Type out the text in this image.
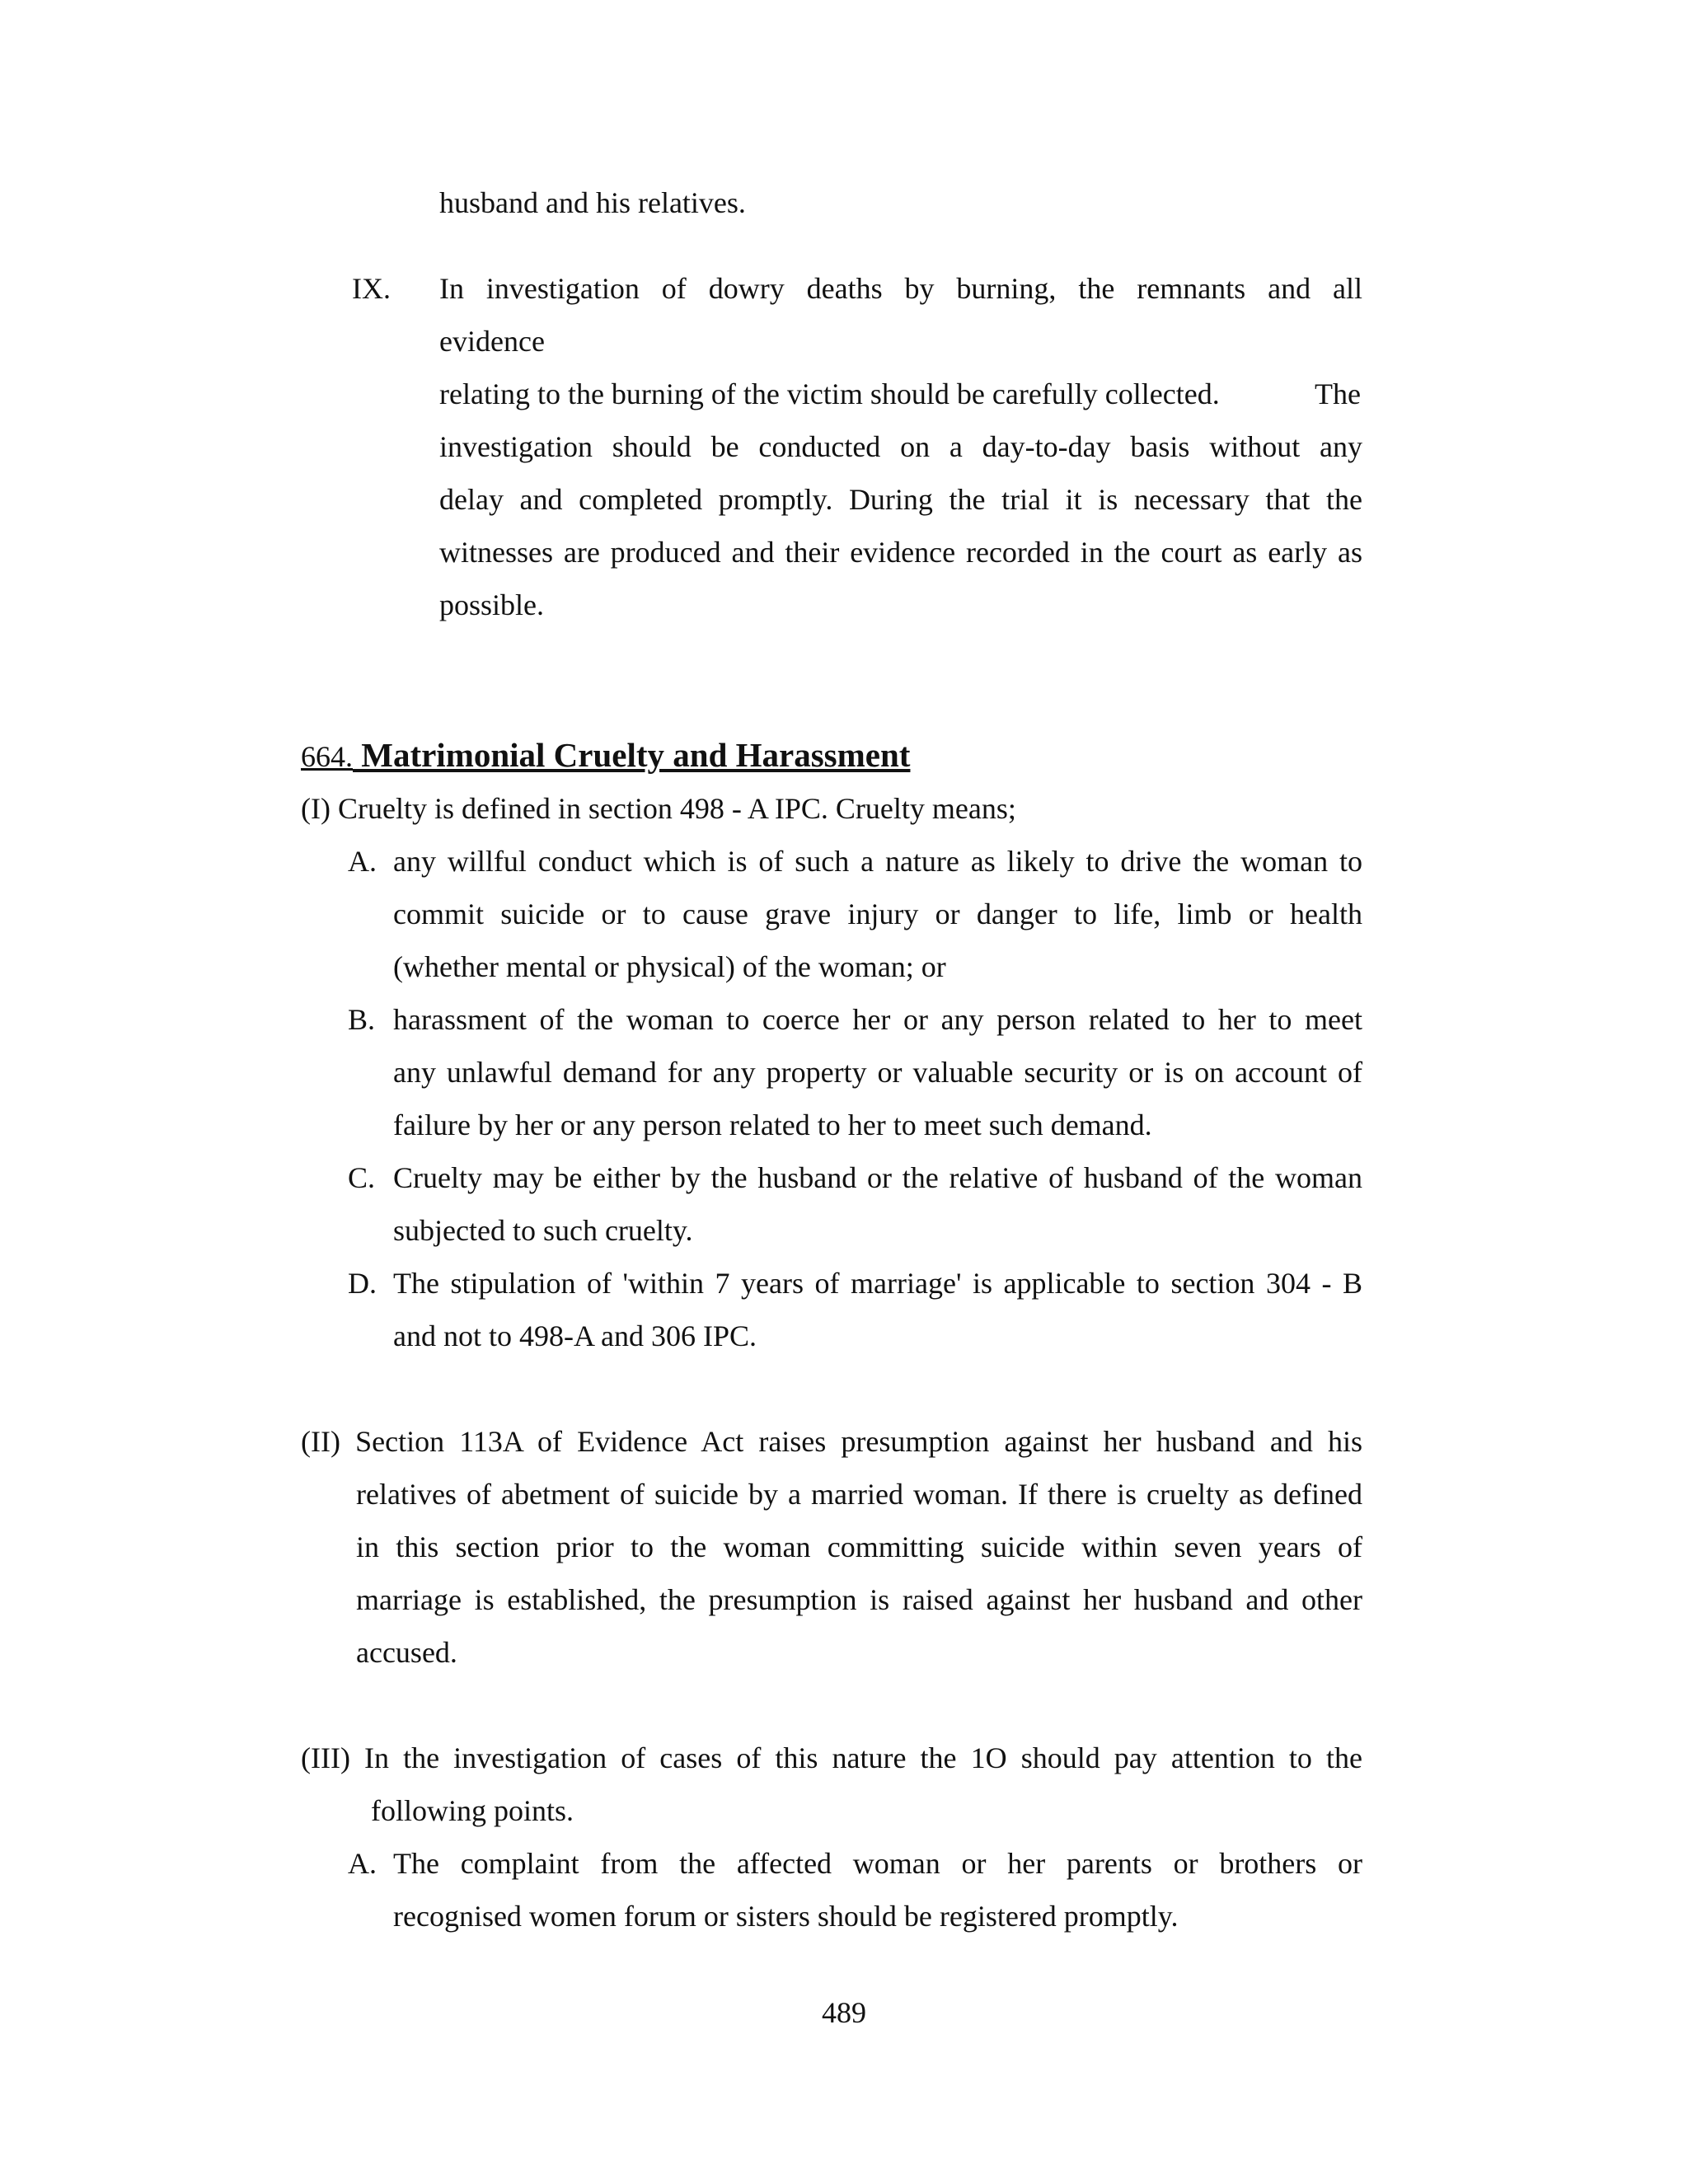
husband and his relatives.

IX. In investigation of dowry deaths by burning, the remnants and all

evidence

relating to the burning of the victim should be carefully collected.	The

investigation should be conducted on a day-to-day basis without any

delay and completed promptly. During the trial it is necessary that the

witnesses are produced and their evidence recorded in the court as early as

possible.

664. Matrimonial Cruelty and Harassment

(I) Cruelty is defined in section 498 - A IPC. Cruelty means;

A. any willful conduct which is of such a nature as likely to drive the woman to

commit suicide or to cause grave injury or danger to life, limb or health

(whether mental or physical) of the woman; or

B. harassment of the woman to coerce her or any person related to her to meet

any unlawful demand for any property or valuable security or is on account of

failure by her or any person related to her to meet such demand.

C. Cruelty may be either by the husband or the relative of husband of the woman

subjected to such cruelty.

D. The stipulation of 'within 7 years of marriage' is applicable to section 304 - B

and not to 498-A and 306 IPC.

(II) Section 113A of Evidence Act raises presumption against her husband and his

relatives of abetment of suicide by a married woman. If there is cruelty as defined

in this section prior to the woman committing suicide within seven years of

marriage is established, the presumption is raised against her husband and other

accused.

(III) In the investigation of cases of this nature the 1O should pay attention to the

following points.

A. The complaint from the affected woman or her parents or brothers or

recognised women forum or sisters should be registered promptly.

489
